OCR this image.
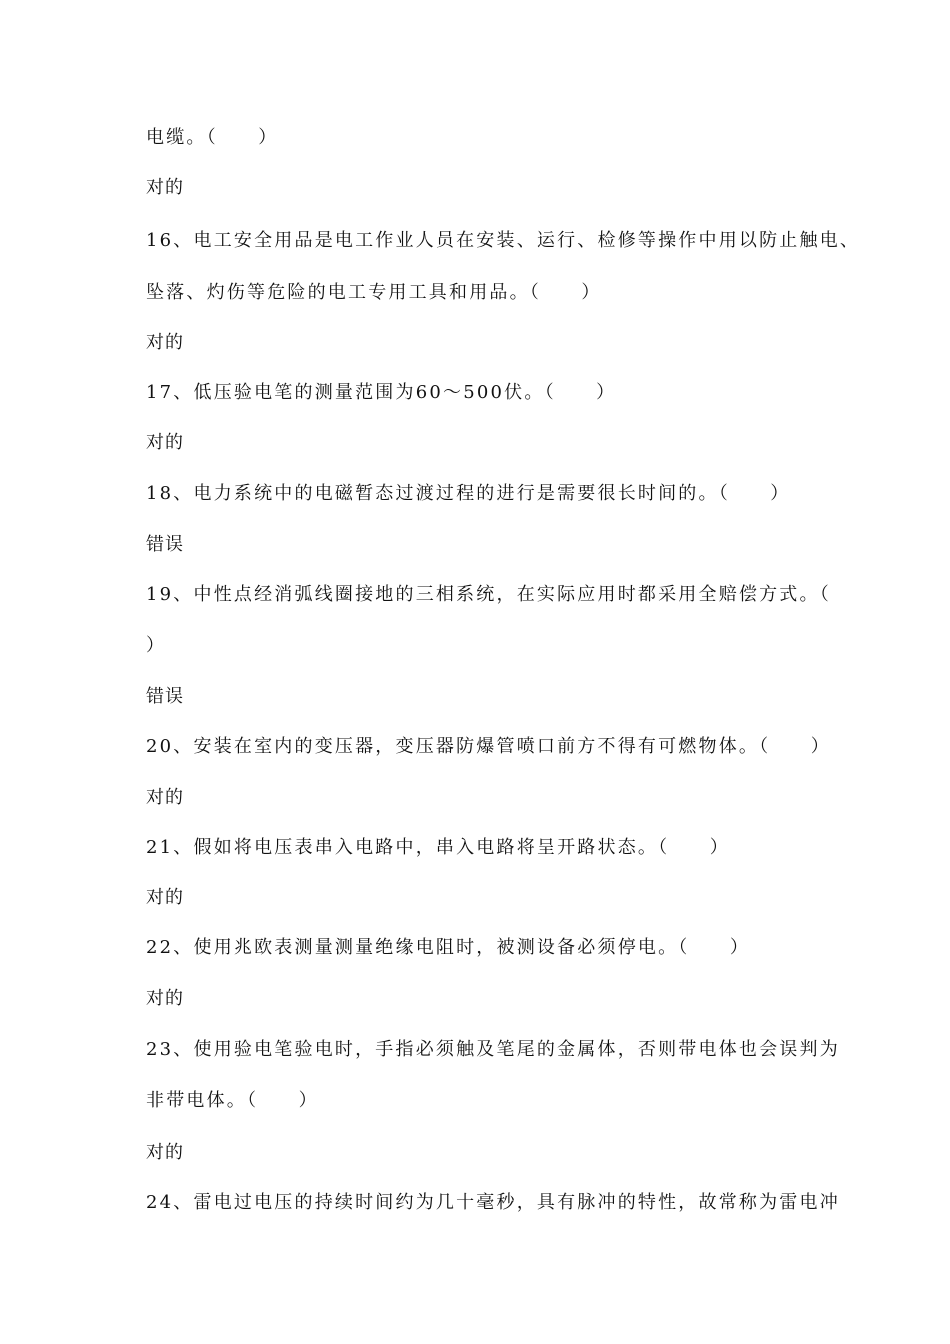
电缆。（　　）
对的
16、电工安全用品是电工作业人员在安装、运行、检修等操作中用以防止触电、
坠落、灼伤等危险的电工专用工具和用品。（　　）
对的
17、低压验电笔的测量范围为60～500伏。（　　）
对的
18、电力系统中的电磁暂态过渡过程的进行是需要很长时间的。（　　）
错误
19、中性点经消弧线圈接地的三相系统，在实际应用时都采用全赔偿方式。（
）
错误
20、安装在室内的变压器，变压器防爆管喷口前方不得有可燃物体。（　　）
对的
21、假如将电压表串入电路中，串入电路将呈开路状态。（　　）
对的
22、使用兆欧表测量测量绝缘电阻时，被测设备必须停电。（　　）
对的
23、使用验电笔验电时，手指必须触及笔尾的金属体，否则带电体也会误判为
非带电体。（　　）
对的
24、雷电过电压的持续时间约为几十毫秒，具有脉冲的特性，故常称为雷电冲
